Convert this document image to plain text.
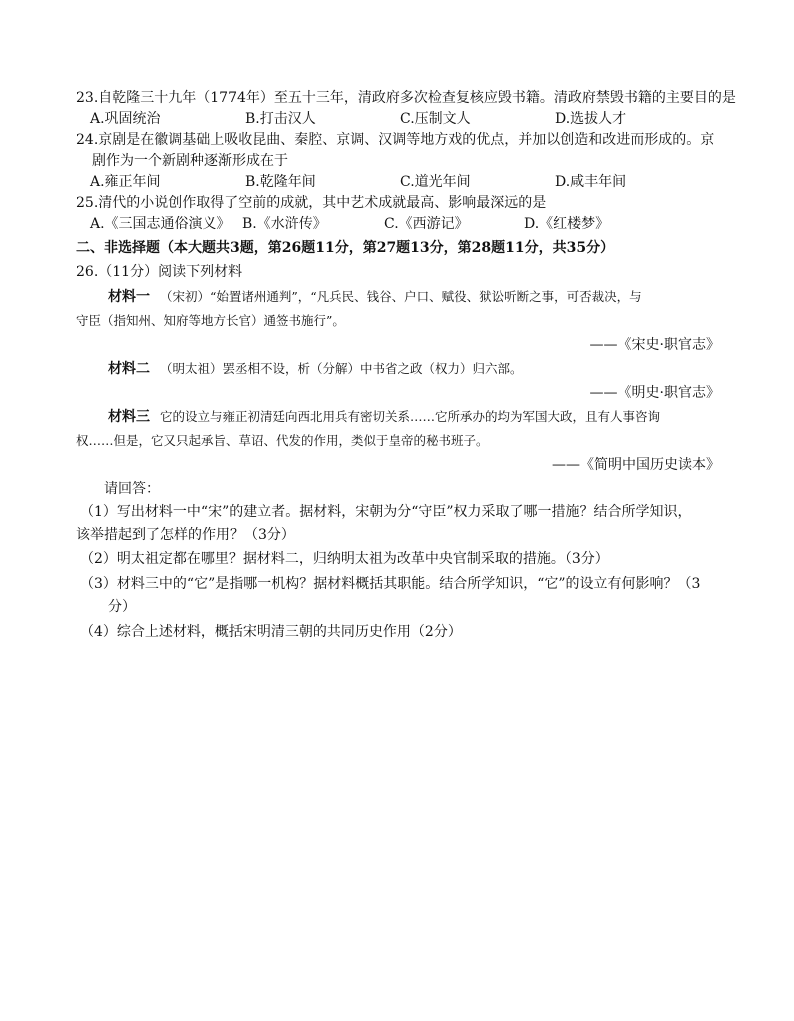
23.自乾隆三十九年（1774年）至五十三年，清政府多次检查复核应毁书籍。清政府禁毁书籍的主要目的是
A.巩固统治	B.打击汉人	C.压制文人	D.选拔人才
24.京剧是在徽调基础上吸收昆曲、秦腔、京调、汉调等地方戏的优点，并加以创造和改进而形成的。京
剧作为一个新剧种逐渐形成在于
A.雍正年间	B.乾隆年间	C.道光年间	D.咸丰年间
25.清代的小说创作取得了空前的成就，其中艺术成就最高、影响最深远的是
A.《三国志通俗演义》 B.《水浒传》	C.《西游记》	D.《红楼梦》
二、非选择题（本大题共3题，第26题11分，第27题13分，第28题11分，共35分）
26.（11分）阅读下列材料
材料一 （宋初）“始置诸州通判”，“凡兵民、钱谷、户口、赋役、狱讼听断之事，可否裁决，与
守臣（指知州、知府等地方长官）通签书施行”。
——《宋史·职官志》
材料二 （明太祖）罢丞相不设，析（分解）中书省之政（权力）归六部。
——《明史·职官志》
材料三 它的设立与雍正初清廷向西北用兵有密切关系……它所承办的均为军国大政，且有人事咨询
权……但是，它又只起承旨、草诏、代发的作用，类似于皇帝的秘书班子。
——《简明中国历史读本》
请回答：
（1）写出材料一中“宋”的建立者。据材料，宋朝为分“守臣”权力采取了哪一措施？结合所学知识，
该举措起到了怎样的作用？（3分）
（2）明太祖定都在哪里？据材料二，归纳明太祖为改革中央官制采取的措施。（3分）
（3）材料三中的“它”是指哪一机构？据材料概括其职能。结合所学知识，“它”的设立有何影响？（3
分）
（4）综合上述材料，概括宋明清三朝的共同历史作用（2分）
